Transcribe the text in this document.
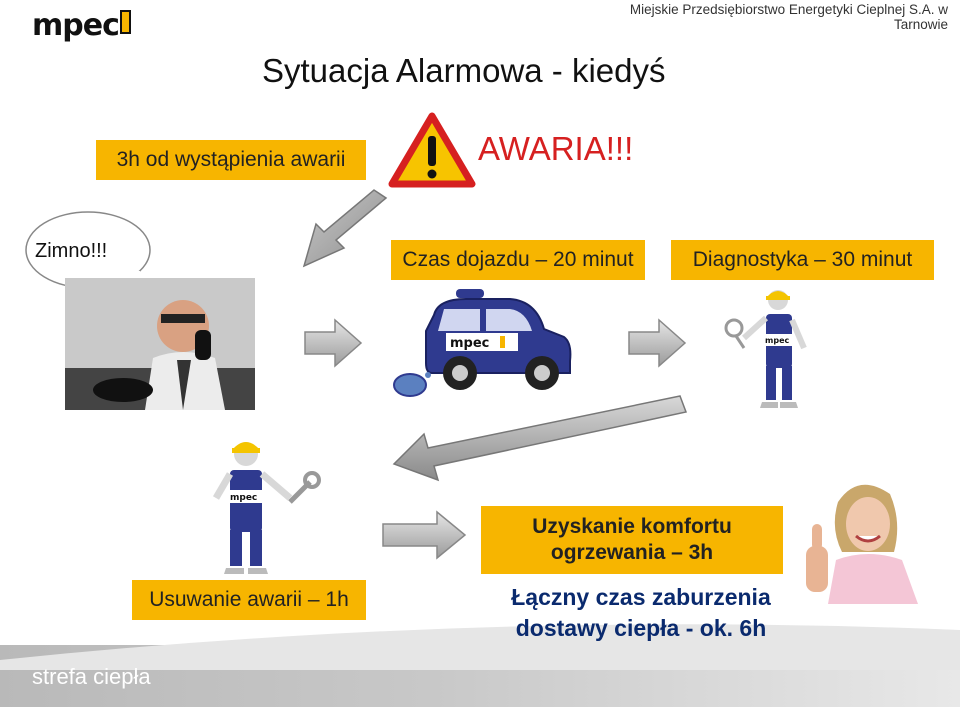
strefa ciepła
mpec	Miejskie Przedsiębiorstwo Energetyki Cieplnej S.A. w Tarnowie
Sytuacja Alarmowa - kiedyś
3h od wystąpienia awarii	AWARIA!!!
Zimno!!!	Czas dojazdu – 20 minut	Diagnostyka – 30 minut
mpec	mpec
mpec
Usuwanie awarii – 1h
Uzyskanie komfortu
ogrzewania – 3h
Łączny czas zaburzenia
dostawy ciepła - ok. 6h
